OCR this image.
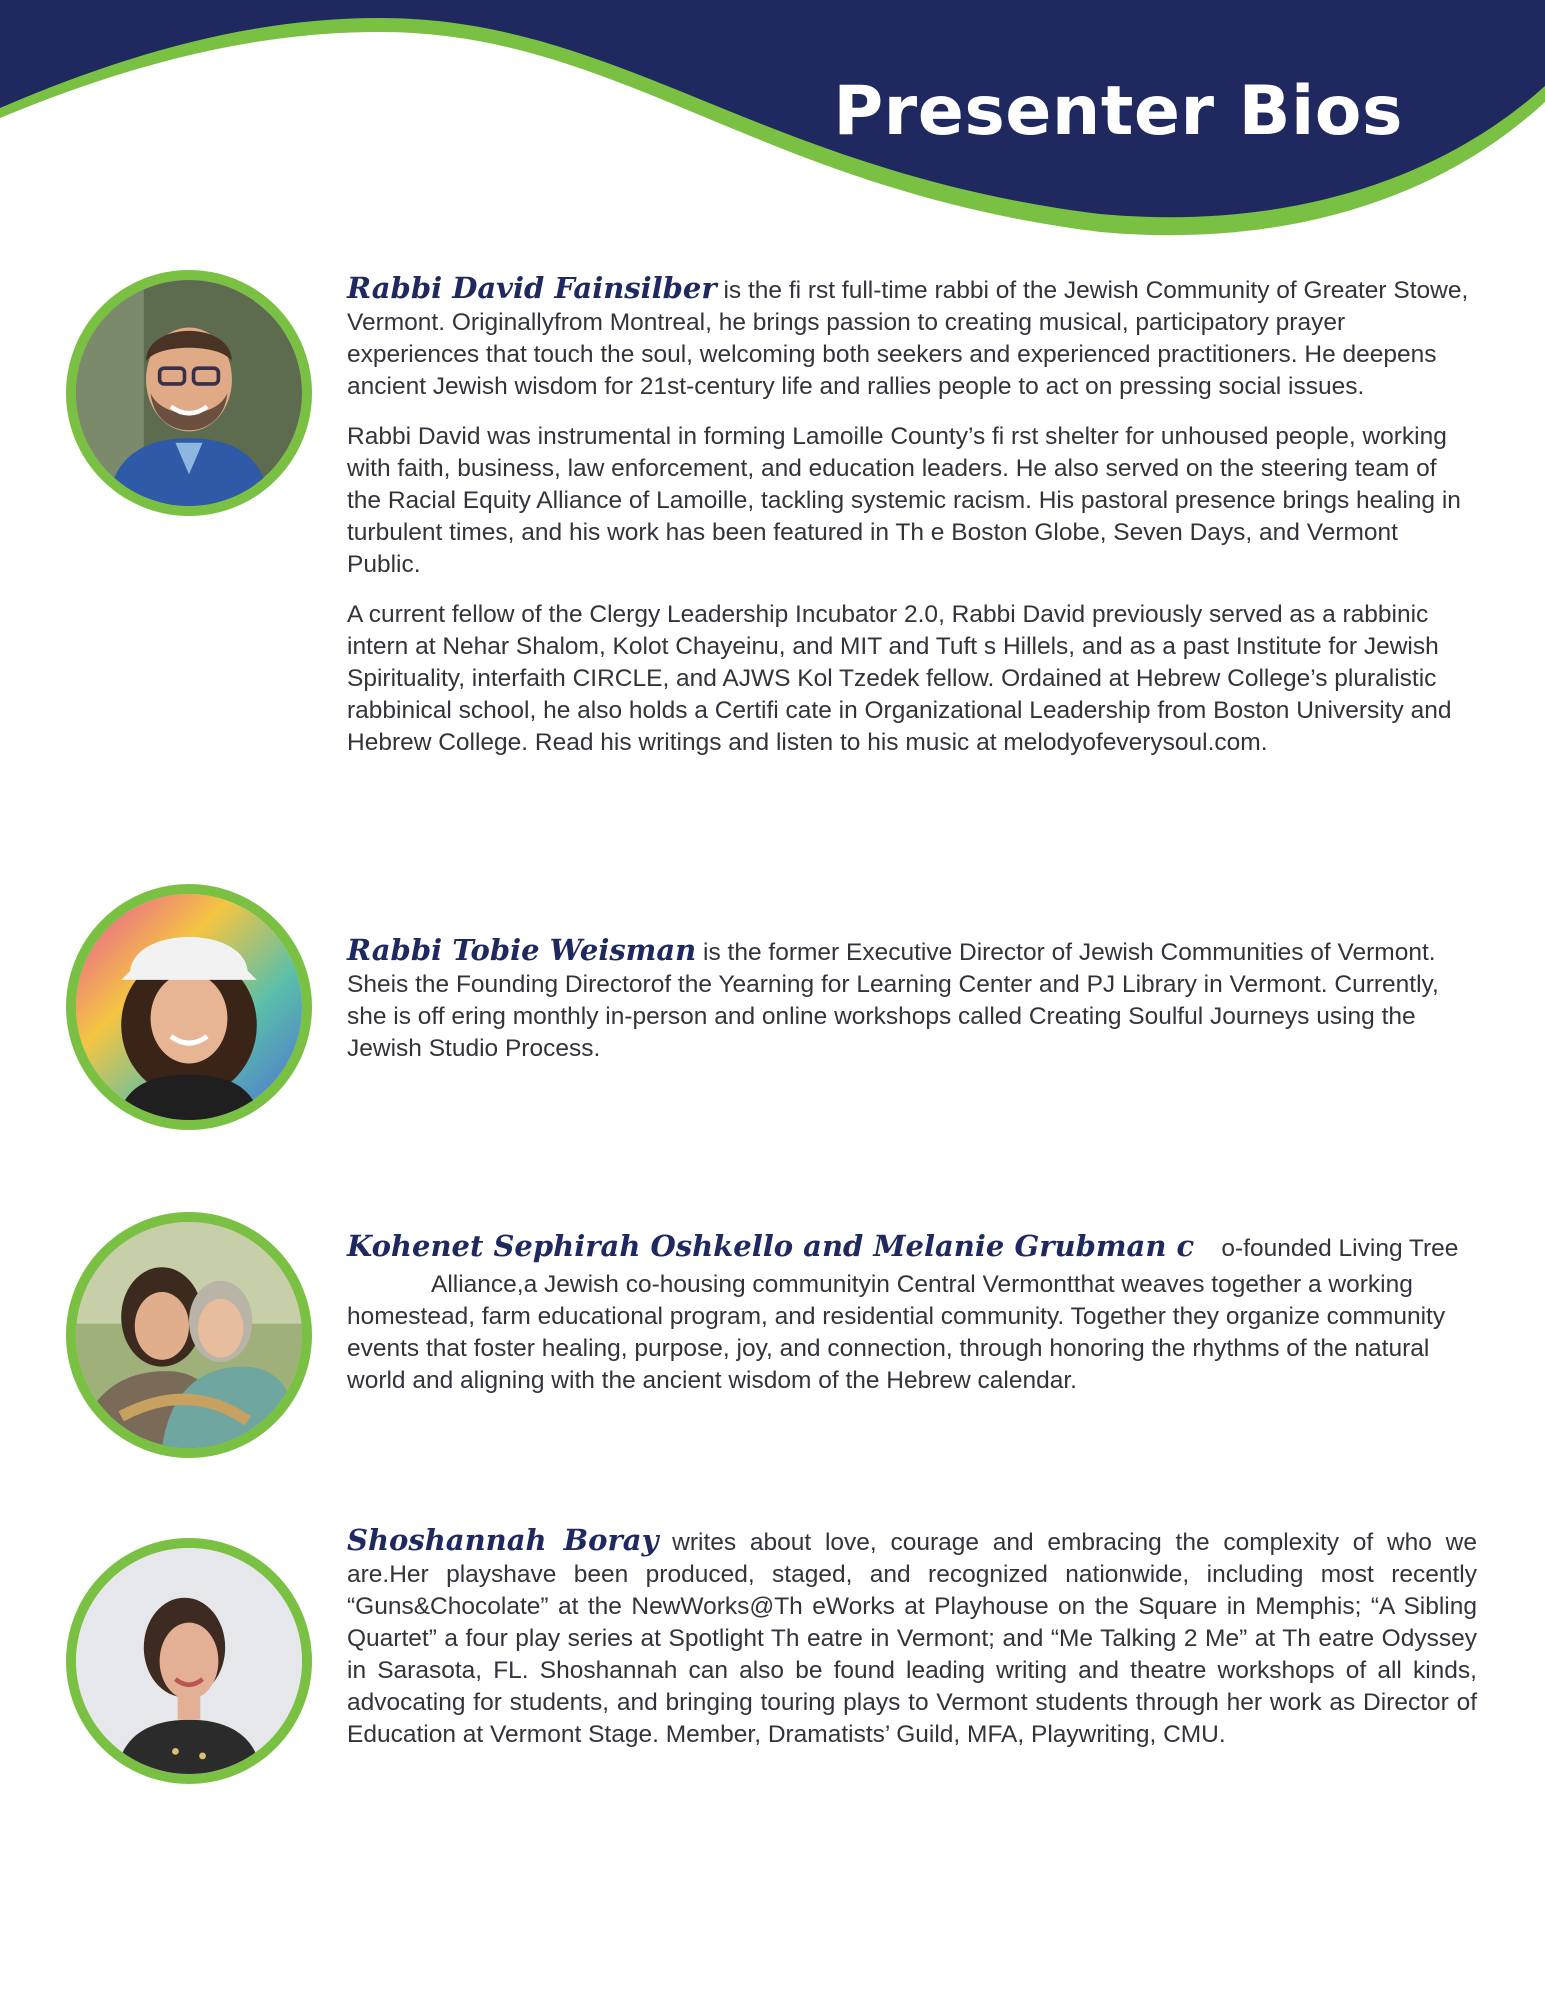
Presenter Bios

Rabbi David Fainsilber is the fi rst full-time rabbi of the Jewish Community of Greater Stowe, Vermont. Originallyfrom Montreal, he brings passion to creating musical, participatory prayer experiences that touch the soul, welcoming both seekers and experienced practitioners. He deepens ancient Jewish wisdom for 21st-century life and rallies people to act on pressing social issues.

Rabbi David was instrumental in forming Lamoille County’s fi rst shelter for unhoused people, working with faith, business, law enforcement, and education leaders. He also served on the steering team of the Racial Equity Alliance of Lamoille, tackling systemic racism. His pastoral presence brings healing in turbulent times, and his work has been featured in Th e Boston Globe, Seven Days, and Vermont Public.

A current fellow of the Clergy Leadership Incubator 2.0, Rabbi David previously served as a rabbinic intern at Nehar Shalom, Kolot Chayeinu, and MIT and Tuft s Hillels, and as a past Institute for Jewish Spirituality, interfaith CIRCLE, and AJWS Kol Tzedek fellow. Ordained at Hebrew College’s pluralistic rabbinical school, he also holds a Certifi cate in Organizational Leadership from Boston University and Hebrew College. Read his writings and listen to his music at melodyofeverysoul.com.

Rabbi Tobie Weisman is the former Executive Director of Jewish Communities of Vermont. Sheis the Founding Directorof the Yearning for Learning Center and PJ Library in Vermont. Currently, she is off ering monthly in-person and online workshops called Creating Soulful Journeys using the Jewish Studio Process.

Kohenet Sephirah Oshkello and Melanie Grubman c o-founded Living Tree

Alliance,a Jewish co-housing communityin Central Vermontthat weaves together a working homestead, farm educational program, and residential community. Together they organize community events that foster healing, purpose, joy, and connection, through honoring the rhythms of the natural world and aligning with the ancient wisdom of the Hebrew calendar.

Shoshannah Boray writes about love, courage and embracing the complexity of who we are.Her playshave been produced, staged, and recognized nationwide, including most recently “Guns&Chocolate” at the NewWorks@Th eWorks at Playhouse on the Square in Memphis; “A Sibling Quartet” a four play series at Spotlight Th eatre in Vermont; and “Me Talking 2 Me” at Th eatre Odyssey in Sarasota, FL. Shoshannah can also be found leading writing and theatre workshops of all kinds, advocating for students, and bringing touring plays to Vermont students through her work as Director of Education at Vermont Stage. Member, Dramatists’ Guild, MFA, Playwriting, CMU.
